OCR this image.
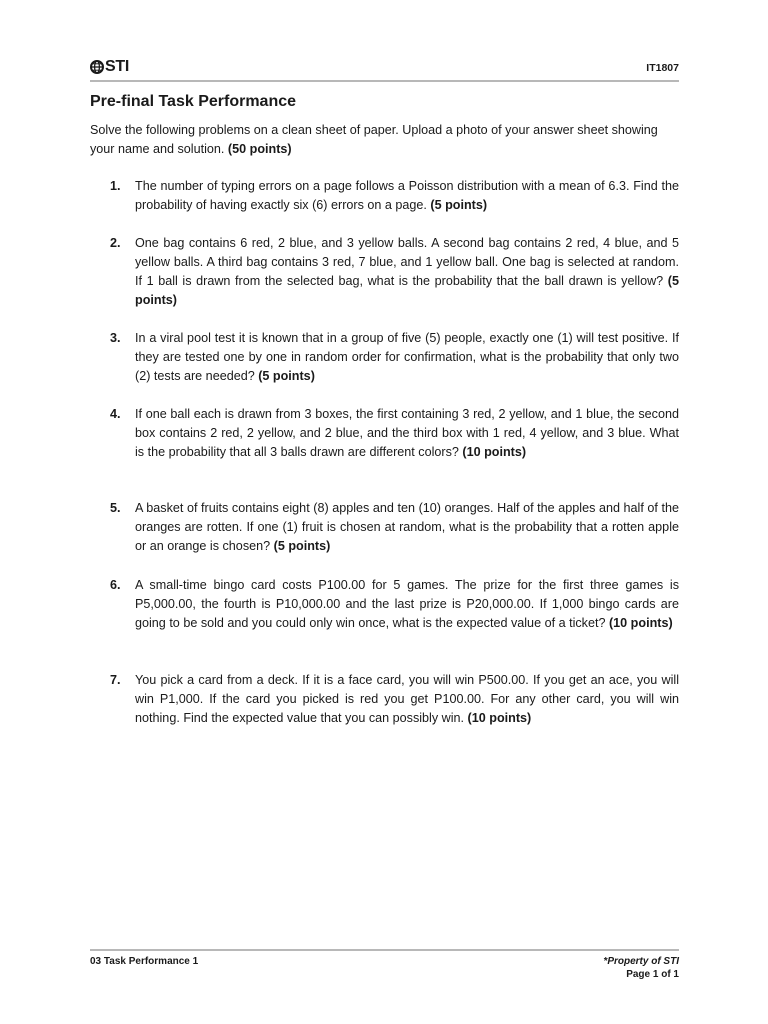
STI	IT1807
Pre-final Task Performance

Solve the following problems on a clean sheet of paper. Upload a photo of your answer sheet showing your name and solution. (50 points)

1.	The number of typing errors on a page follows a Poisson distribution with a mean of 6.3. Find the probability of having exactly six (6) errors on a page. (5 points)

2.	One bag contains 6 red, 2 blue, and 3 yellow balls. A second bag contains 2 red, 4 blue, and 5 yellow balls. A third bag contains 3 red, 7 blue, and 1 yellow ball. One bag is selected at random. If 1 ball is drawn from the selected bag, what is the probability that the ball drawn is yellow? (5 points)

3.	In a viral pool test it is known that in a group of five (5) people, exactly one (1) will test positive. If they are tested one by one in random order for confirmation, what is the probability that only two (2) tests are needed? (5 points)

4.	If one ball each is drawn from 3 boxes, the first containing 3 red, 2 yellow, and 1 blue, the second box contains 2 red, 2 yellow, and 2 blue, and the third box with 1 red, 4 yellow, and 3 blue. What is the probability that all 3 balls drawn are different colors? (10 points)

5.	A basket of fruits contains eight (8) apples and ten (10) oranges. Half of the apples and half of the oranges are rotten. If one (1) fruit is chosen at random, what is the probability that a rotten apple or an orange is chosen? (5 points)

6.	A small-time bingo card costs P100.00 for 5 games. The prize for the first three games is P5,000.00, the fourth is P10,000.00 and the last prize is P20,000.00. If 1,000 bingo cards are going to be sold and you could only win once, what is the expected value of a ticket? (10 points)

7.	You pick a card from a deck. If it is a face card, you will win P500.00. If you get an ace, you will win P1,000. If the card you picked is red you get P100.00. For any other card, you will win nothing. Find the expected value that you can possibly win. (10 points)

03 Task Performance 1	*Property of STI
Page 1 of 1
